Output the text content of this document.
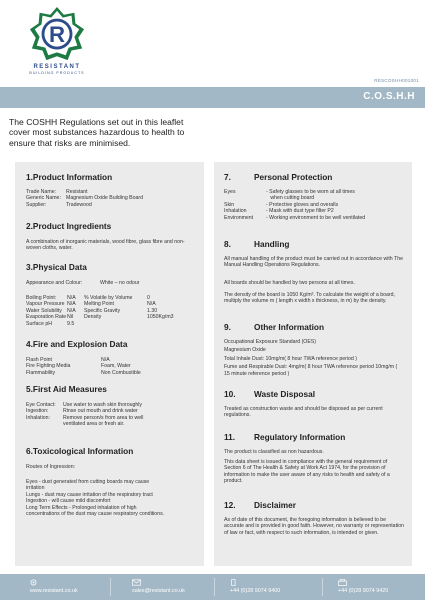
R
RESISTANT
BUILDING PRODUCTS
RESCOSHH001001
C.O.S.H.H
The COSHH Regulations set out in this leaflet cover most substances hazardous to health to ensure that risks are minimised.
1.Product Information
Trade Name:	Resistant
Generic Name: Magnesium Oxide Building Board
Supplier:	Tradewood
2.Product Ingredients
A combination of inorganic materials, wood fibre, glass fibre and non-woven cloths, water.
3.Physical Data
Appearance and Colour:	White – no odour
Boiling Point:	N/A	% Volatile by Volume	0
Vapour Pressure N/A	Melting Point	N/A
Water Solubility N/A	Specific Gravity	1.30
Evaporation Rate Nil	Density	1050Kg/m3
Surface pH	9.5
4.Fire and Explosion Data
Flash Point	N/A
Fire Fighting Media	Foam, Water
Flammability	Non Combustible
5.First Aid Measures
Eye Contact:	Use water to wash skin thoroughly
Ingestion:	Rinse out mouth and drink water
Inhalation:	Remove person/s from area to well
ventilated area or fresh air.
6.Toxicological Information
Routes of Ingression:
Eyes - dust generated from cutting boards may cause
irritation
Lungs - dust may cause irritation of the respiratory tract
Ingestion - will cause mild discomfort
Long Term Effects - Prolonged inhalation of high
concentrations of the dust may cause respiratory conditions.
7.	Personal Protection
Eyes	- Safety glasses to be worn at all times
when cutting board
Skin	- Protective gloves and overalls
Inhalation	- Mask with dust type filter P2
Environment	- Working environment to be well ventilated
8.	Handling
All manual handling of the product must be carried out in accordance with The Manual Handling Operations Regulations.
All boards should be handled by two persons at all times.
The density of the board is 1050 Kg/m³. To calculate the weight of a board, multiply the volume m ( length x width x thickness, in m) by the density.
9.	Other Information
Occupational Exposure Standard (OES)
Magnesium Oxide
Total Inhale Dust: 10mg/m( 8 hour TWA reference period )
Fume and Respirable Dust: 4mg/m( 8 hour TWA reference period 10mg/m ( 15 minute reference period )
10. Waste Disposal
Treated as construction waste and should be disposed as per current regulations.
11. Regulatory Information
The product is classified as non hazardous.
This data sheet is issued in compliance with the general requirement of Section 6 of The Health & Safety at Work Act 1974, for the provision of information to make the user aware of any risks to health and safety of a product.
12. Disclaimer
As of date of this document, the foregoing information is believed to be accurate and is provided in good faith. However, no warranty or representation of law or fact, with respect to such information, is intended or given.
www.resistant.co.uk	sales@resistant.co.uk	+44 (0)28 9074 9400	+44 (0)28 9074 9420
